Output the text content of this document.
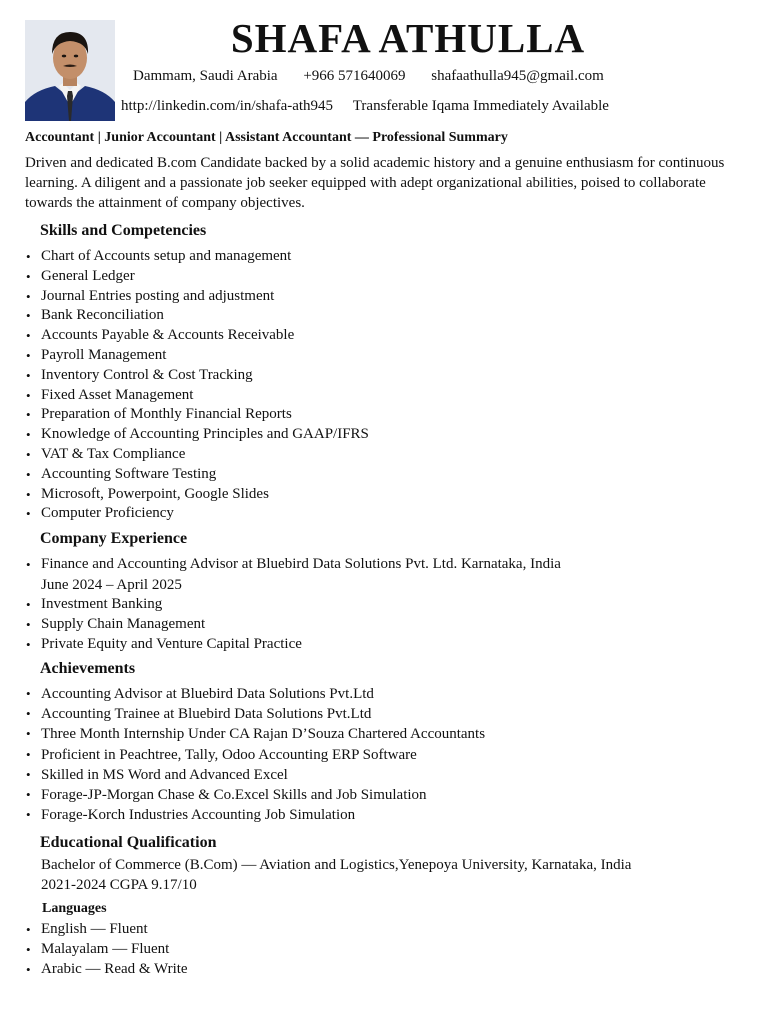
SHAFA ATHULLA
Dammam, Saudi Arabia +966 571640069 shafaathulla945@gmail.com
http://linkedin.com/in/shafa-ath945 Transferable Iqama Immediately Available
Accountant | Junior Accountant | Assistant Accountant — Professional Summary
Driven and dedicated B.com Candidate backed by a solid academic history and a genuine enthusiasm for continuous learning. A diligent and a passionate job seeker equipped with adept organizational abilities, poised to collaborate towards the attainment of company objectives.
Skills and Competencies
• Chart of Accounts setup and management
• General Ledger
• Journal Entries posting and adjustment
• Bank Reconciliation
• Accounts Payable & Accounts Receivable
• Payroll Management
• Inventory Control & Cost Tracking
• Fixed Asset Management
• Preparation of Monthly Financial Reports
• Knowledge of Accounting Principles and GAAP/IFRS
• VAT & Tax Compliance
• Accounting Software Testing
• Microsoft, Powerpoint, Google Slides
• Computer Proficiency
Company Experience
• Finance and Accounting Advisor at Bluebird Data Solutions Pvt. Ltd. Karnataka, India
June 2024 – April 2025
• Investment Banking
• Supply Chain Management
• Private Equity and Venture Capital Practice
Achievements
• Accounting Advisor at Bluebird Data Solutions Pvt.Ltd
• Accounting Trainee at Bluebird Data Solutions Pvt.Ltd
• Three Month Internship Under CA Rajan D’Souza Chartered Accountants
• Proficient in Peachtree, Tally, Odoo Accounting ERP Software
• Skilled in MS Word and Advanced Excel
• Forage-JP-Morgan Chase & Co.Excel Skills and Job Simulation
• Forage-Korch Industries Accounting Job Simulation
Educational Qualification
Bachelor of Commerce (B.Com) — Aviation and Logistics,Yenepoya University, Karnataka, India
2021-2024 CGPA 9.17/10
Languages
• English — Fluent
• Malayalam — Fluent
• Arabic — Read & Write
